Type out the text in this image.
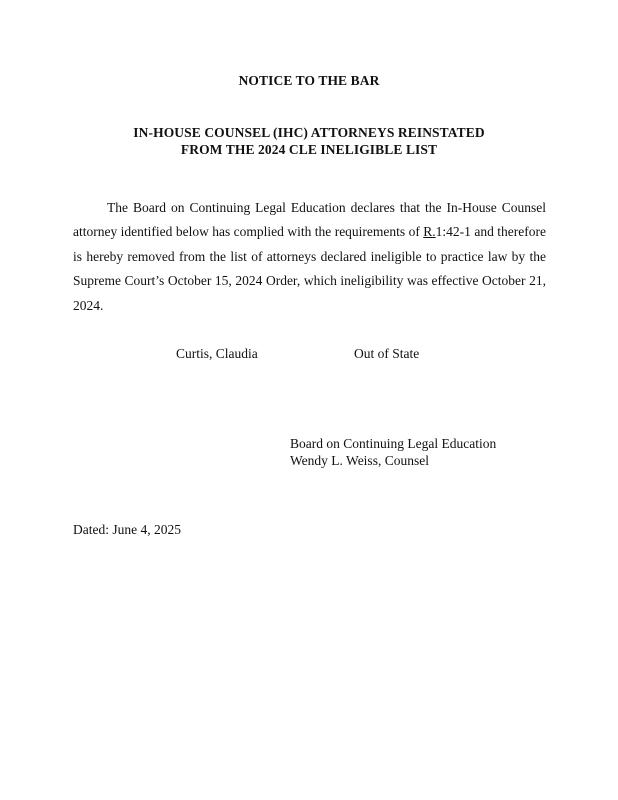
NOTICE TO THE BAR
IN-HOUSE COUNSEL (IHC) ATTORNEYS REINSTATED
FROM THE 2024 CLE INELIGIBLE LIST

The Board on Continuing Legal Education declares that the In-House Counsel attorney identified below has complied with the requirements of R.1:42-1 and therefore is hereby removed from the list of attorneys declared ineligible to practice law by the Supreme Court’s October 15, 2024 Order, which ineligibility was effective October 21, 2024.

Curtis, Claudia	Out of State
Board on Continuing Legal Education
Wendy L. Weiss, Counsel
Dated: June 4, 2025
